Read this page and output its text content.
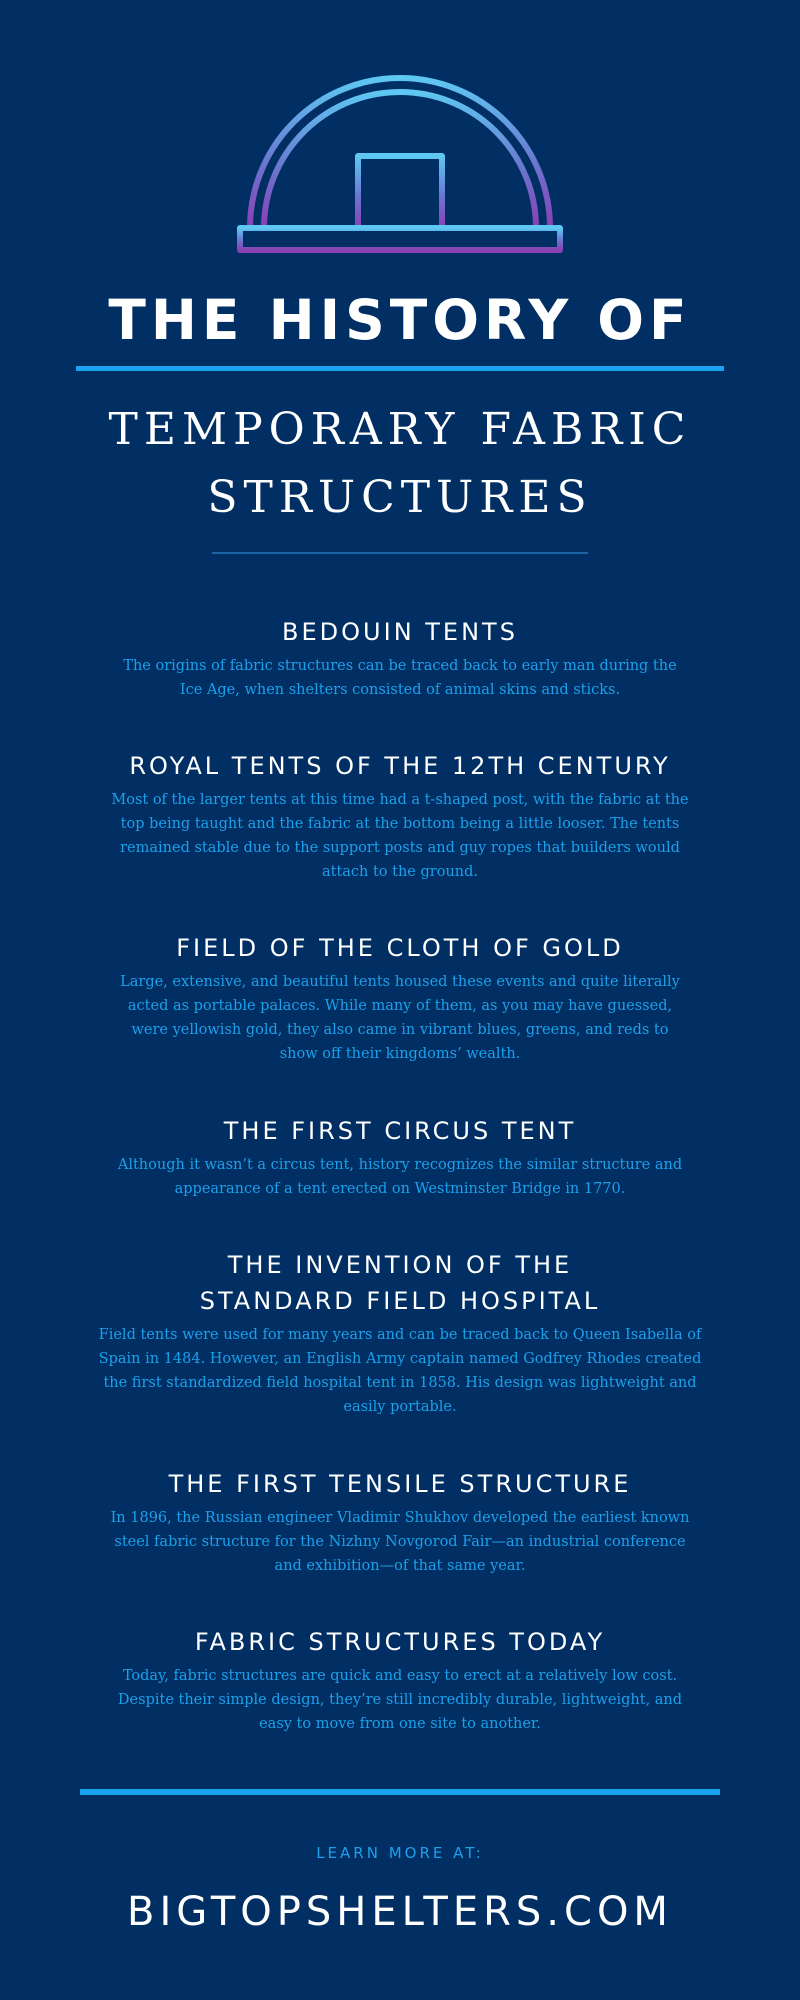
THE HISTORY OF
TEMPORARY FABRIC
STRUCTURES
BEDOUIN TENTS

The origins of fabric structures can be traced back to early man during the
Ice Age, when shelters consisted of animal skins and sticks.

ROYAL TENTS OF THE 12TH CENTURY

Most of the larger tents at this time had a t-shaped post, with the fabric at the
top being taught and the fabric at the bottom being a little looser. The tents
remained stable due to the support posts and guy ropes that builders would
attach to the ground.

FIELD OF THE CLOTH OF GOLD

Large, extensive, and beautiful tents housed these events and quite literally
acted as portable palaces. While many of them, as you may have guessed,
were yellowish gold, they also came in vibrant blues, greens, and reds to
show off their kingdoms’ wealth.

THE FIRST CIRCUS TENT

Although it wasn’t a circus tent, history recognizes the similar structure and
appearance of a tent erected on Westminster Bridge in 1770.

THE INVENTION OF THE
STANDARD FIELD HOSPITAL

Field tents were used for many years and can be traced back to Queen Isabella of
Spain in 1484. However, an English Army captain named Godfrey Rhodes created
the first standardized field hospital tent in 1858. His design was lightweight and
easily portable.

THE FIRST TENSILE STRUCTURE

In 1896, the Russian engineer Vladimir Shukhov developed the earliest known
steel fabric structure for the Nizhny Novgorod Fair—an industrial conference
and exhibition—of that same year.

FABRIC STRUCTURES TODAY

Today, fabric structures are quick and easy to erect at a relatively low cost.
Despite their simple design, they’re still incredibly durable, lightweight, and
easy to move from one site to another.

LEARN MORE AT:

BIGTOPSHELTERS.COM
